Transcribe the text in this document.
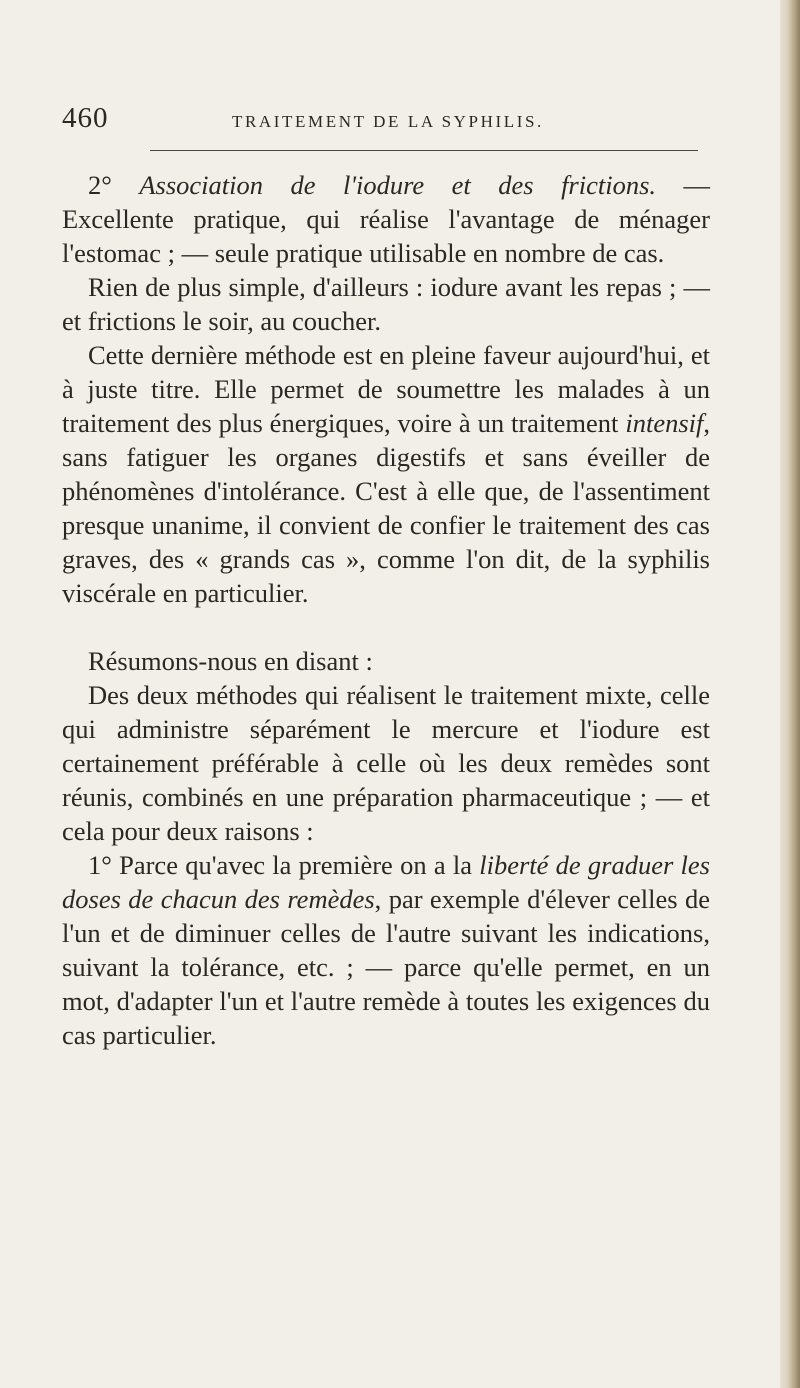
460	TRAITEMENT DE LA SYPHILIS.

2° Association de l'iodure et des frictions. —

Excellente pratique, qui réalise l'avantage de ménager l'estomac ; — seule pratique utilisable en nombre de cas.

Rien de plus simple, d'ailleurs : iodure avant les repas ; — et frictions le soir, au coucher.

Cette dernière méthode est en pleine faveur aujourd'hui, et à juste titre. Elle permet de soumettre les malades à un traitement des plus énergiques, voire à un traitement intensif, sans fatiguer les organes digestifs et sans éveiller de phénomènes d'intolérance. C'est à elle que, de l'assentiment presque unanime, il convient de confier le traitement des cas graves, des « grands cas », comme l'on dit, de la syphilis viscérale en particulier.

Résumons-nous en disant :

Des deux méthodes qui réalisent le traitement mixte, celle qui administre séparément le mercure et l'iodure est certainement préférable à celle où les deux remèdes sont réunis, combinés en une préparation pharmaceutique ; — et cela pour deux raisons :

1° Parce qu'avec la première on a la liberté de graduer les doses de chacun des remèdes, par exemple d'élever celles de l'un et de diminuer celles de l'autre suivant les indications, suivant la tolérance, etc. ; — parce qu'elle permet, en un mot, d'adapter l'un et l'autre remède à toutes les exigences du cas particulier.
